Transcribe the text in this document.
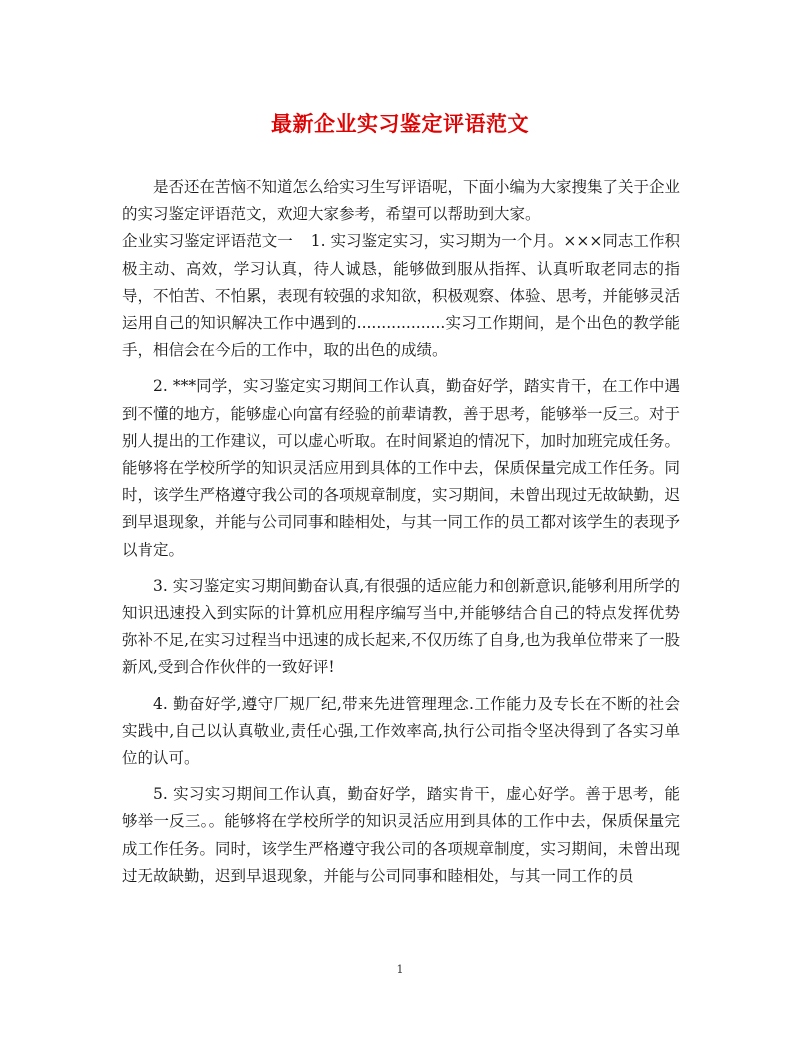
最新企业实习鉴定评语范文

是否还在苦恼不知道怎么给实习生写评语呢，下面小编为大家搜集了关于企业的实习鉴定评语范文，欢迎大家参考，希望可以帮助到大家。

企业实习鉴定评语范文一 1. 实习鉴定实习，实习期为一个月。×××同志工作积极主动、高效，学习认真，待人诚恳，能够做到服从指挥、认真听取老同志的指导，不怕苦、不怕累，表现有较强的求知欲，积极观察、体验、思考，并能够灵活运用自己的知识解决工作中遇到的..................实习工作期间，是个出色的教学能手，相信会在今后的工作中，取的出色的成绩。

2. ***同学，实习鉴定实习期间工作认真，勤奋好学，踏实肯干，在工作中遇到不懂的地方，能够虚心向富有经验的前辈请教，善于思考，能够举一反三。对于别人提出的工作建议，可以虚心听取。在时间紧迫的情况下，加时加班完成任务。能够将在学校所学的知识灵活应用到具体的工作中去，保质保量完成工作任务。同时，该学生严格遵守我公司的各项规章制度，实习期间，未曾出现过无故缺勤，迟到早退现象，并能与公司同事和睦相处，与其一同工作的员工都对该学生的表现予以肯定。

3. 实习鉴定实习期间勤奋认真,有很强的适应能力和创新意识,能够利用所学的知识迅速投入到实际的计算机应用程序编写当中,并能够结合自己的特点发挥优势弥补不足,在实习过程当中迅速的成长起来,不仅历练了自身,也为我单位带来了一股新风,受到合作伙伴的一致好评!

4. 勤奋好学,遵守厂规厂纪,带来先进管理理念.工作能力及专长在不断的社会实践中,自己以认真敬业,责任心强,工作效率高,执行公司指令坚决得到了各实习单位的认可。

5. 实习实习期间工作认真，勤奋好学，踏实肯干，虚心好学。善于思考，能够举一反三。。能够将在学校所学的知识灵活应用到具体的工作中去，保质保量完成工作任务。同时，该学生严格遵守我公司的各项规章制度，实习期间，未曾出现过无故缺勤，迟到早退现象，并能与公司同事和睦相处，与其一同工作的员

1
